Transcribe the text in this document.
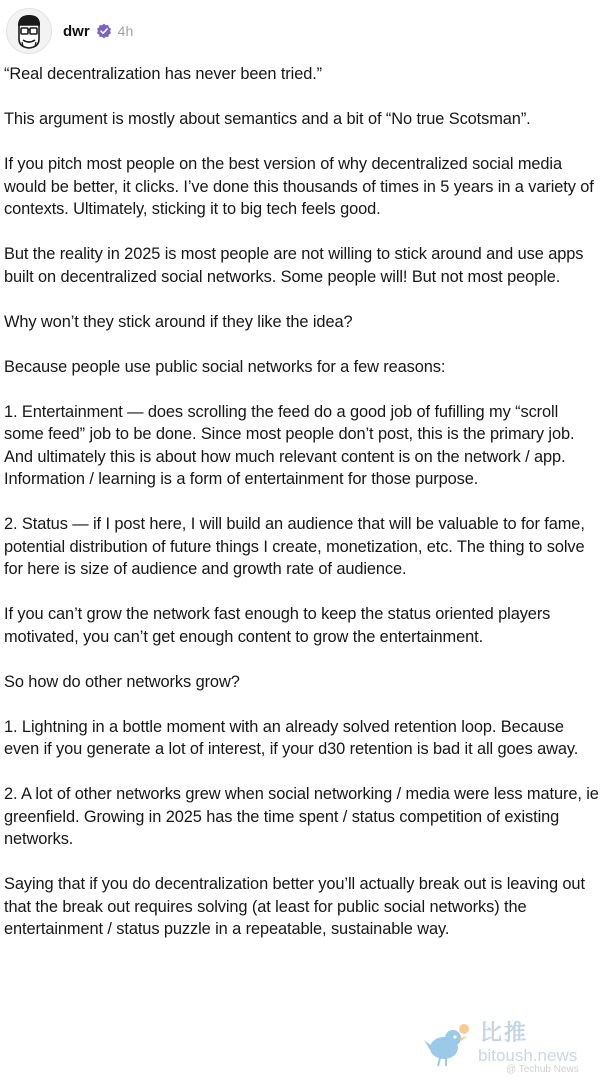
dwr 4h

“Real decentralization has never been tried.”

This argument is mostly about semantics and a bit of “No true Scotsman”.

If you pitch most people on the best version of why decentralized social media would be better, it clicks. I’ve done this thousands of times in 5 years in a variety of contexts. Ultimately, sticking it to big tech feels good.

But the reality in 2025 is most people are not willing to stick around and use apps built on decentralized social networks. Some people will! But not most people.

Why won’t they stick around if they like the idea?

Because people use public social networks for a few reasons:

1. Entertainment — does scrolling the feed do a good job of fufilling my “scroll some feed” job to be done. Since most people don’t post, this is the primary job. And ultimately this is about how much relevant content is on the network / app. Information / learning is a form of entertainment for those purpose.

2. Status — if I post here, I will build an audience that will be valuable to for fame, potential distribution of future things I create, monetization, etc. The thing to solve for here is size of audience and growth rate of audience.

If you can’t grow the network fast enough to keep the status oriented players motivated, you can’t get enough content to grow the entertainment.

So how do other networks grow?

1. Lightning in a bottle moment with an already solved retention loop. Because even if you generate a lot of interest, if your d30 retention is bad it all goes away.

2. A lot of other networks grew when social networking / media were less mature, ie greenfield. Growing in 2025 has the time spent / status competition of existing networks.

Saying that if you do decentralization better you’ll actually break out is leaving out that the break out requires solving (at least for public social networks) the entertainment / status puzzle in a repeatable, sustainable way.

比推
bitoush.news
@ Techub News
